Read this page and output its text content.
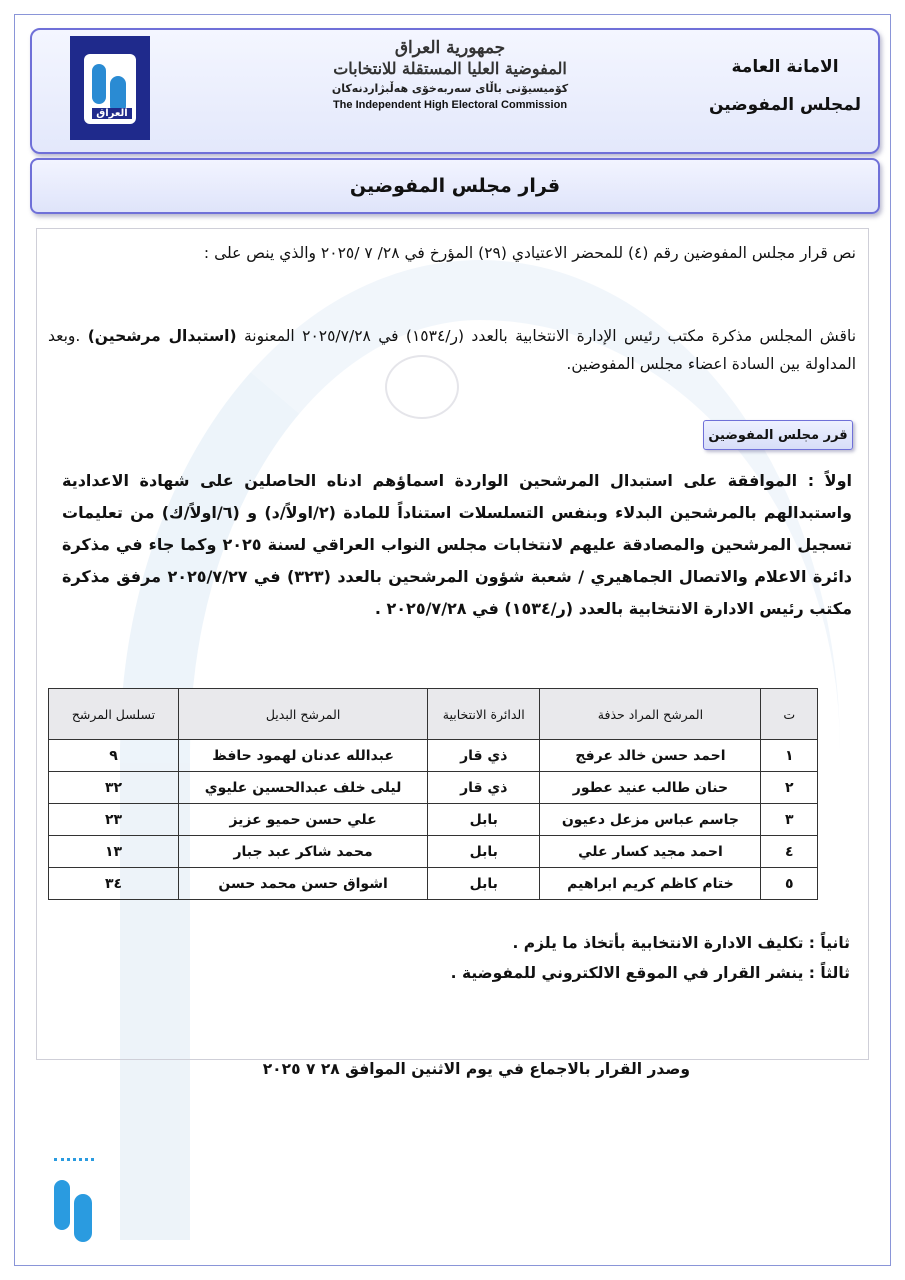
العراق
جمهورية العراق
المفوضية العليا المستقلة للانتخابات
كۆمیسیۆنی باڵای سەربەخۆی هەڵبژاردنەکان
The Independent High Electoral Commission
الامانة العامة
لمجلس المفوضين
قرار مجلس المفوضين
نص قرار مجلس المفوضين رقم (٤) للمحضر الاعتيادي (٢٩) المؤرخ في ٢٨/ ٧ /٢٠٢٥ والذي ينص على :
ناقش المجلس مذكرة مكتب رئيس الإدارة الانتخابية بالعدد (ر/١٥٣٤) في ٢٠٢٥/٧/٢٨ المعنونة (استبدال مرشحين) .وبعد المداولة بين السادة اعضاء مجلس المفوضين.
قرر مجلس المفوضين
اولاً : الموافقة على استبدال المرشحين الواردة اسماؤهم ادناه الحاصلين على شهادة الاعدادية واستبدالهم بالمرشحين البدلاء وبنفس التسلسلات استناداً للمادة (٢/اولاً/د) و (٦/اولاً/ك) من تعليمات تسجيل المرشحين والمصادقة عليهم لانتخابات مجلس النواب العراقي لسنة ٢٠٢٥ وكما جاء في مذكرة دائرة الاعلام والاتصال الجماهيري / شعبة شؤون المرشحين بالعدد (٣٢٣) في ٢٠٢٥/٧/٢٧ مرفق مذكرة مكتب رئيس الادارة الانتخابية بالعدد (ر/١٥٣٤) في ٢٠٢٥/٧/٢٨ .
ت	المرشح المراد حذفة	الدائرة الانتخابية	المرشح البديل	تسلسل المرشح
١	احمد حسن خالد عرفج	ذي قار	عبدالله عدنان لهمود حافظ	٩
٢	حنان طالب عنيد عطور	ذي قار	ليلى خلف عبدالحسين عليوي	٣٢
٣	جاسم عباس مزعل دعيون	بابل	علي حسن حميو عزيز	٢٣
٤	احمد مجيد كسار علي	بابل	محمد شاكر عبد جبار	١٣
٥	ختام كاظم كريم ابراهيم	بابل	اشواق حسن محمد حسن	٣٤
ثانياً : تكليف الادارة الانتخابية بأتخاذ ما يلزم .
ثالثاً : ينشر القرار في الموقع الالكتروني للمفوضية .
وصدر القرار بالاجماع في يوم الاثنين الموافق ٢٨ ٧ ٢٠٢٥
